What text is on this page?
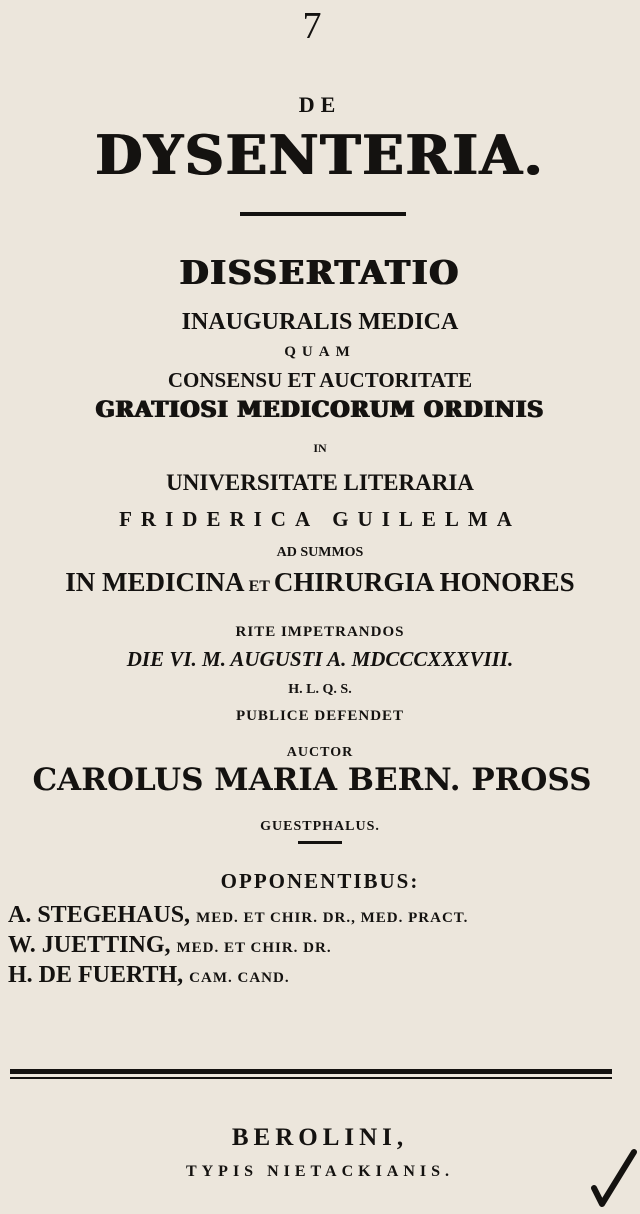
7
DE
DYSENTERIA.
DISSERTATIO
INAUGURALIS MEDICA
QUAM
CONSENSU ET AUCTORITATE
GRATIOSI MEDICORUM ORDINIS
IN
UNIVERSITATE LITERARIA
FRIDERICA GUILELMA
AD SUMMOS
IN MEDICINA ET CHIRURGIA HONORES
RITE IMPETRANDOS
DIE VI. M. AUGUSTI A. MDCCCXXXVIII.
H. L. Q. S.
PUBLICE DEFENDET
AUCTOR
CAROLUS MARIA BERN. PROSS
GUESTPHALUS.
OPPONENTIBUS:
A. STEGEHAUS, MED. ET CHIR. DR., MED. PRACT.
W. JUETTING, MED. ET CHIR. DR.
H. DE FUERTH, CAM. CAND.
BEROLINI,
TYPIS NIETACKIANIS.
